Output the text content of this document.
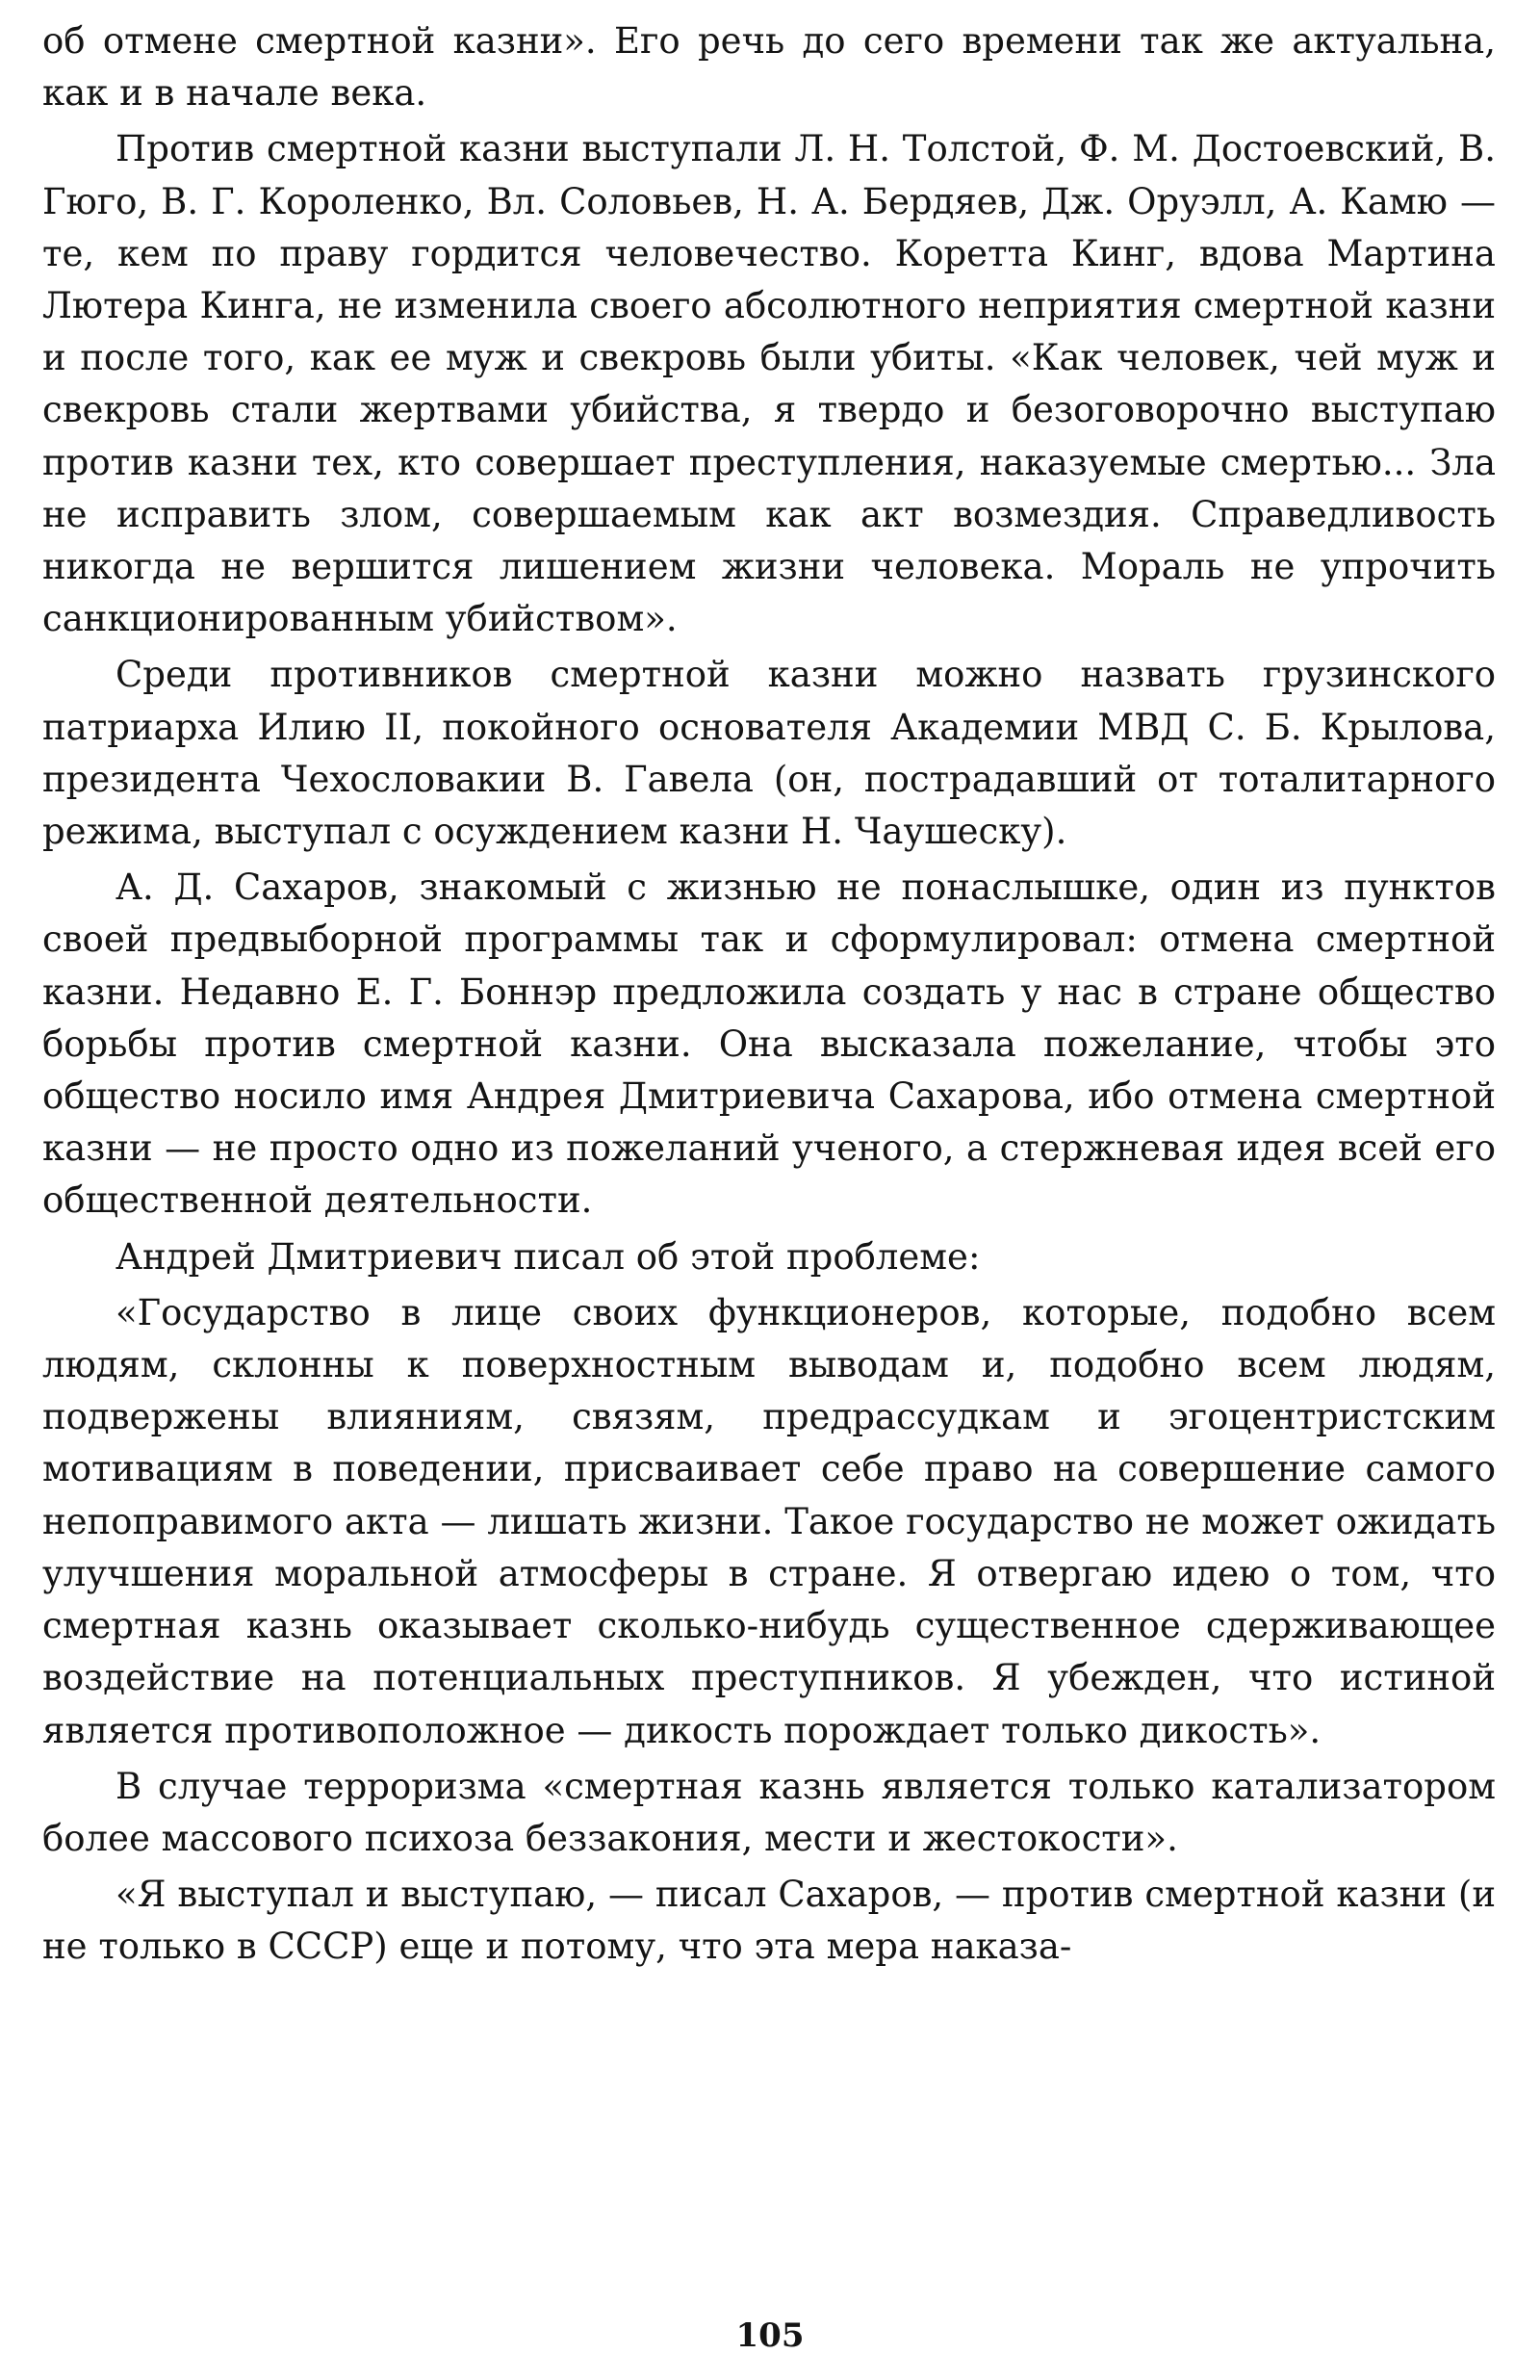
об отмене смертной казни». Его речь до сего времени так же актуальна, как и в начале века.

Против смертной казни выступали Л. Н. Толстой, Ф. М. Достоевский, В. Гюго, В. Г. Короленко, Вл. Соловьев, Н. А. Бердяев, Дж. Оруэлл, А. Камю — те, кем по праву гордится человечество. Коретта Кинг, вдова Мартина Лютера Кинга, не изменила своего абсолютного неприятия смертной казни и после того, как ее муж и свекровь были убиты. «Как человек, чей муж и свекровь стали жертвами убийства, я твердо и безоговорочно выступаю против казни тех, кто совершает преступления, наказуемые смертью... Зла не исправить злом, совершаемым как акт возмездия. Справедливость никогда не вершится лишением жизни человека. Мораль не упрочить санкционированным убийством».

Среди противников смертной казни можно назвать грузинского патриарха Илию II, покойного основателя Академии МВД С. Б. Крылова, президента Чехословакии В. Гавела (он, пострадавший от тоталитарного режима, выступал с осуждением казни Н. Чаушеску).

А. Д. Сахаров, знакомый с жизнью не понаслышке, один из пунктов своей предвыборной программы так и сформулировал: отмена смертной казни. Недавно Е. Г. Боннэр предложила создать у нас в стране общество борьбы против смертной казни. Она высказала пожелание, чтобы это общество носило имя Андрея Дмитриевича Сахарова, ибо отмена смертной казни — не просто одно из пожеланий ученого, а стержневая идея всей его общественной деятельности.

Андрей Дмитриевич писал об этой проблеме:

«Государство в лице своих функционеров, которые, подобно всем людям, склонны к поверхностным выводам и, подобно всем людям, подвержены влияниям, связям, предрассудкам и эгоцентристским мотивациям в поведении, присваивает себе право на совершение самого непоправимого акта — лишать жизни. Такое государство не может ожидать улучшения моральной атмосферы в стране. Я отвергаю идею о том, что смертная казнь оказывает сколько-нибудь существенное сдерживающее воздействие на потенциальных преступников. Я убежден, что истиной является противоположное — дикость порождает только дикость».

В случае терроризма «смертная казнь является только катализатором более массового психоза беззакония, мести и жестокости».

«Я выступал и выступаю, — писал Сахаров, — против смертной казни (и не только в СССР) еще и потому, что эта мера наказа-

105
